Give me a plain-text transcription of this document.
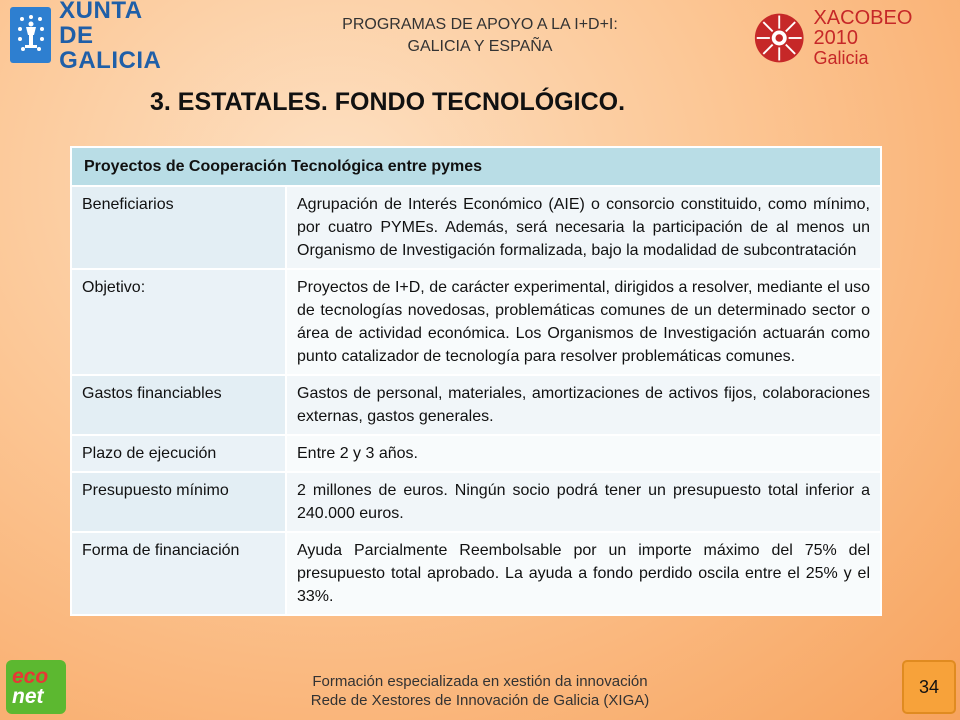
XUNTA
DE GALICIA
PROGRAMAS DE APOYO A LA I+D+I:
GALICIA Y ESPAÑA
XACOBEO 2010
Galicia
3. ESTATALES. FONDO TECNOLÓGICO.
Proyectos de Cooperación Tecnológica entre pymes	
Beneficiarios	Agrupación de Interés Económico (AIE) o consorcio constituido, como mínimo, por cuatro PYMEs. Además, será necesaria la participación de al menos un Organismo de Investigación formalizada, bajo la modalidad de subcontratación
Objetivo:	Proyectos de I+D, de carácter experimental, dirigidos a resolver, mediante el uso de tecnologías novedosas, problemáticas comunes de un determinado sector o área de actividad económica. Los Organismos de Investigación actuarán como punto catalizador de tecnología para resolver problemáticas comunes.
Gastos financiables	Gastos de personal, materiales, amortizaciones de activos fijos, colaboraciones externas, gastos generales.
Plazo de ejecución	Entre 2 y 3 años.
Presupuesto mínimo	2 millones de euros. Ningún socio podrá tener un presupuesto total inferior a 240.000 euros.
Forma de financiación	Ayuda Parcialmente Reembolsable por un importe máximo del 75% del presupuesto total aprobado. La ayuda a fondo perdido oscila entre el 25% y el 33%.
Formación especializada en xestión da innovación
Rede de Xestores de Innovación de Galicia (XIGA)
eco
net	34
